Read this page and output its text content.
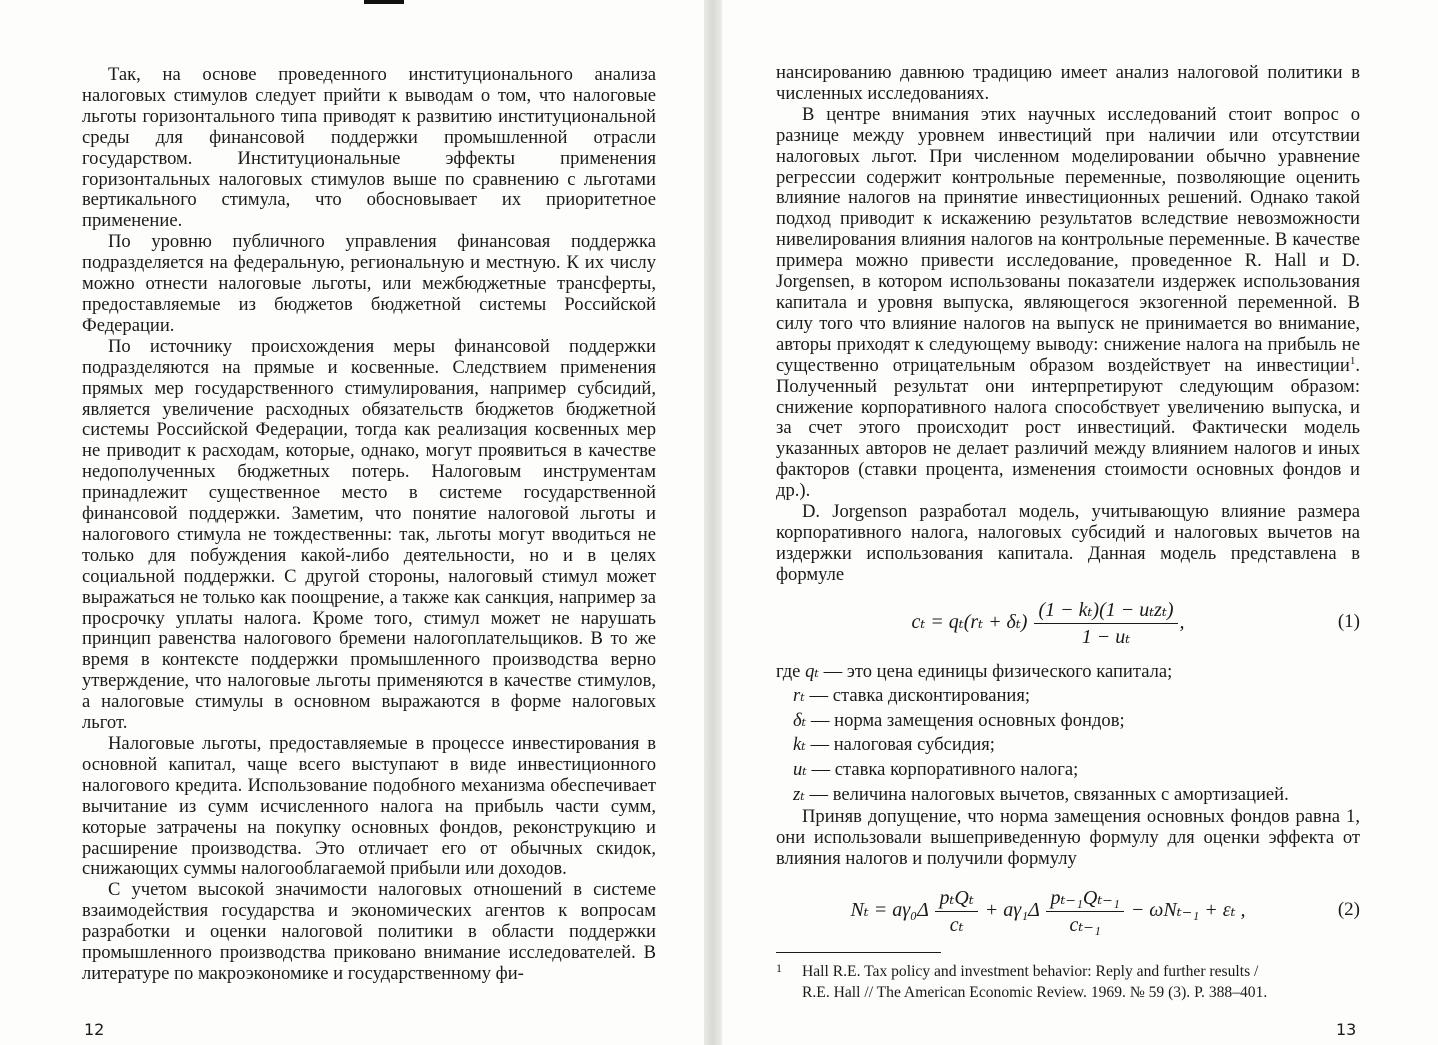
Так, на основе проведенного институционального анализа налоговых стимулов следует прийти к выводам о том, что налоговые льготы горизонтального типа приводят к развитию институциональной среды для финансовой поддержки промышленной отрасли государством. Институциональные эффекты применения горизонтальных налоговых стимулов выше по сравнению с льготами вертикального стимула, что обосновывает их приоритетное применение.

По уровню публичного управления финансовая поддержка подразделяется на федеральную, региональную и местную. К их числу можно отнести налоговые льготы, или межбюджетные трансферты, предоставляемые из бюджетов бюджетной системы Российской Федерации.

По источнику происхождения меры финансовой поддержки подразделяются на прямые и косвенные. Следствием применения прямых мер государственного стимулирования, например субсидий, является увеличение расходных обязательств бюджетов бюджетной системы Российской Федерации, тогда как реализация косвенных мер не приводит к расходам, которые, однако, могут проявиться в качестве недополученных бюджетных потерь. Налоговым инструментам принадлежит существенное место в системе государственной финансовой поддержки. Заметим, что понятие налоговой льготы и налогового стимула не тождественны: так, льготы могут вводиться не только для побуждения какой-либо деятельности, но и в целях социальной поддержки. С другой стороны, налоговый стимул может выражаться не только как поощрение, а также как санкция, например за просрочку уплаты налога. Кроме того, стимул может не нарушать принцип равенства налогового бремени налогоплательщиков. В то же время в контексте поддержки промышленного производства верно утверждение, что налоговые льготы применяются в качестве стимулов, а налоговые стимулы в основном выражаются в форме налоговых льгот.

Налоговые льготы, предоставляемые в процессе инвестирования в основной капитал, чаще всего выступают в виде инвестиционного налогового кредита. Использование подобного механизма обеспечивает вычитание из сумм исчисленного налога на прибыль части сумм, которые затрачены на покупку основных фондов, реконструкцию и расширение производства. Это отличает его от обычных скидок, снижающих суммы налогооблагаемой прибыли или доходов.

С учетом высокой значимости налоговых отношений в системе взаимодействия государства и экономических агентов к вопросам разработки и оценки налоговой политики в области поддержки промышленного производства приковано внимание исследователей. В литературе по макроэкономике и государственному фи-

12

нансированию давнюю традицию имеет анализ налоговой политики в численных исследованиях.

В центре внимания этих научных исследований стоит вопрос о разнице между уровнем инвестиций при наличии или отсутствии налоговых льгот. При численном моделировании обычно уравнение регрессии содержит контрольные переменные, позволяющие оценить влияние налогов на принятие инвестиционных решений. Однако такой подход приводит к искажению результатов вследствие невозможности нивелирования влияния налогов на контрольные переменные. В качестве примера можно привести исследование, проведенное R. Hall и D. Jorgensen, в котором использованы показатели издержек использования капитала и уровня выпуска, являющегося экзогенной переменной. В силу того что влияние налогов на выпуск не принимается во внимание, авторы приходят к следующему выводу: снижение налога на прибыль не существенно отрицательным образом воздействует на инвестиции$^1$. Полученный результат они интерпретируют следующим образом: снижение корпоративного налога способствует увеличению выпуска, и за счет этого происходит рост инвестиций. Фактически модель указанных авторов не делает различий между влиянием налогов и иных факторов (ставки процента, изменения стоимости основных фондов и др.).

D. Jorgenson разработал модель, учитывающую влияние размера корпоративного налога, налоговых субсидий и налоговых вычетов на издержки использования капитала. Данная модель представлена в формуле

$c_t = q_t(r_t + \delta_t) \frac{\text{(1 − kₜ)(1 − uₜzₜ)}}{\text{1 − uₜ}}$ ,	(1)
где qₜ — это цена единицы физического капитала;
rₜ — ставка дисконтирования;
δₜ — норма замещения основных фондов;
kₜ — налоговая субсидия;
uₜ — ставка корпоративного налога;
zₜ — величина налоговых вычетов, связанных с амортизацией.

Приняв допущение, что норма замещения основных фондов равна 1, они использовали вышеприведенную формулу для оценки эффекта от влияния налогов и получили формулу

$N_t = a\gamma_0\Delta \frac{\text{pₜQₜ}}{\text{cₜ}} + a\gamma_1\Delta \frac{\text{pₜ₋₁Qₜ₋₁}}{\text{cₜ₋₁}} - \omega N_{t-1} + \varepsilon_t$ ,	(2)
1	Hall R.E. Tax policy and investment behavior: Reply and further results /
R.E. Hall // The American Economic Review. 1969. № 59 (3). P. 388–401.
13
